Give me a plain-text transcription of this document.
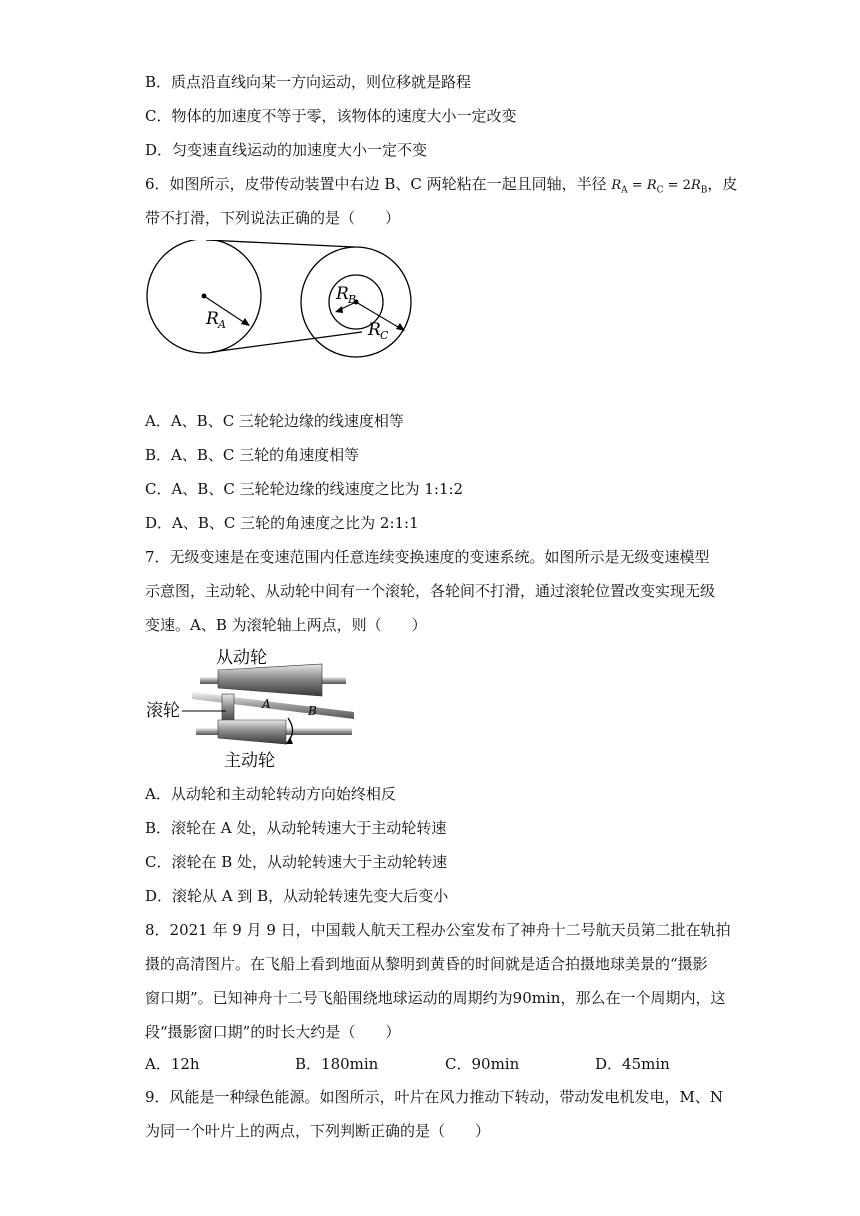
B．质点沿直线向某一方向运动，则位移就是路程
C．物体的加速度不等于零，该物体的速度大小一定改变
D．匀变速直线运动的加速度大小一定不变
6．如图所示，皮带传动装置中右边 B、C 两轮粘在一起且同轴，半径 $R_A = R_C = 2R_B$，皮
带不打滑，下列说法正确的是（　　）
R A
R B
R C
A．A、B、C 三轮轮边缘的线速度相等
B．A、B、C 三轮的角速度相等
C．A、B、C 三轮轮边缘的线速度之比为 1:1:2
D．A、B、C 三轮的角速度之比为 2:1:1
7．无级变速是在变速范围内任意连续变换速度的变速系统。如图所示是无级变速模型
示意图，主动轮、从动轮中间有一个滚轮，各轮间不打滑，通过滚轮位置改变实现无级
变速。A、B 为滚轮轴上两点，则（　　）
从动轮
A	B
滚轮
主动轮
A．从动轮和主动轮转动方向始终相反
B．滚轮在 A 处，从动轮转速大于主动轮转速
C．滚轮在 B 处，从动轮转速大于主动轮转速
D．滚轮从 A 到 B，从动轮转速先变大后变小
8．2021 年 9 月 9 日，中国载人航天工程办公室发布了神舟十二号航天员第二批在轨拍
摄的高清图片。在飞船上看到地面从黎明到黄昏的时间就是适合拍摄地球美景的“摄影
窗口期”。已知神舟十二号飞船围绕地球运动的周期约为90min，那么在一个周期内，这
段“摄影窗口期”的时长大约是（　　）
A．12h	B．180min	C．90min	D．45min
9．风能是一种绿色能源。如图所示，叶片在风力推动下转动，带动发电机发电，M、N
为同一个叶片上的两点，下列判断正确的是（　　）
